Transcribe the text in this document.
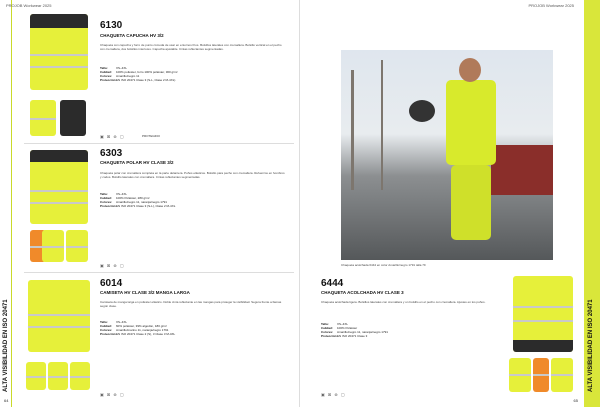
ALTA VISIBILIDAD EN ISO 20471
PROJOB Workwear 2025
64
6130
CHAQUETA CAPUCHA HV 3/2
Chaqueta con capucha y forro de punto cómoda de usar en entornos fríos. Bolsillos laterales con cremallera. Bolsillo vertical en el pecho con cremallera, dos bolsillos interiores. Capucha ajustable. Cintas reflectantes segmentadas.
Talla:	XS–4XL
Calidad: 100% poliéster, forro 100% poliéster, 300 g/m²
Colores: Amarillo/negro 11
Protección:EN ISO 20471 Clase 3 (S-L, Clase 2 M-4XL)
▣ ⊠ ⊗ ▢	PROTEGIDO
6303
CHAQUETA POLAR HV CLASE 3/2
Chaqueta polar con cremallera completa en la parte delantera. Puños elásticos. Bolsillo para pecho con cremallera. Refuerzos en hombros y codos. Bolsillo laterales con cremallera. Cintas reflectantes segmentadas.
Talla:	XS–4XL
Calidad: 100% Poliéster, 280 g/m²
Colores: Amarillo/negro 11, naranja/negro 1791
Protección:EN ISO 20471 Clase 3 (S-L), Clase 2 M-4XL
▣ ⊠ ⊗ ▢
6014
CAMISETA HV CLASE 3/2 MANGA LARGA
Camiseta de manga larga en poliéster elástico. Doble cinta reflectante en las mangas para proteger la visibilidad. Segura frente a llamas según clase.
Talla:	XS–4XL
Calidad: 60% poliéster, 39% algodón, 180 g/m²
Colores: Amarillo/marino 11, naranja/negro 1791
Protección:EN ISO 20471 Clase 2 (S), 3 Clase 3 M-4XL
▣ ⊠ ⊗ ▢
ALTA VISIBILIDAD EN ISO 20471
PROJOB Workwear 2025
65
Chaqueta acolchada 6444 en color Amarillo/negro 1791 talla 79
6444
CHAQUETA ACOLCHADA HV CLASE 3
Chaqueta acolchada ligera. Bolsillos laterales con cremallera y un bolsillo en el pecho con cremallera. Ajustes en los puños.
Talla:	XS–4XL
Calidad: 100% Poliéster
Colores: Amarillo/negro 11, naranja/negro 1791
Protección:EN ISO 20471 Clase 3
▣ ⊠ ⊗ ▢
